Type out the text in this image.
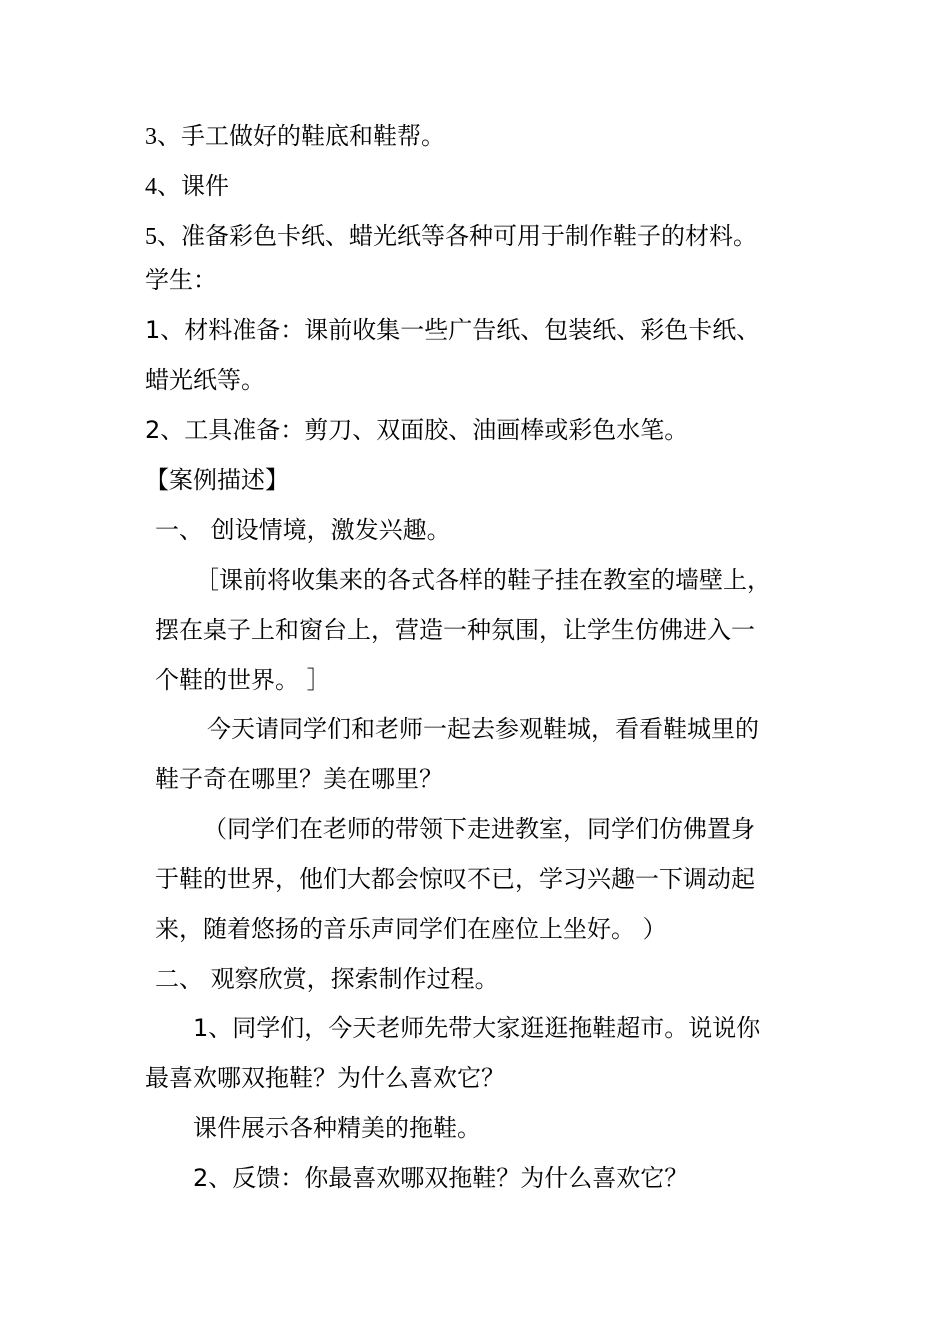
3、手工做好的鞋底和鞋帮。
4、课件
5、准备彩色卡纸、蜡光纸等各种可用于制作鞋子的材料。
学生：
1、材料准备：课前收集一些广告纸、包装纸、彩色卡纸、
蜡光纸等。
2、工具准备：剪刀、双面胶、油画棒或彩色水笔。
【案例描述】
一、 创设情境，激发兴趣。
［课前将收集来的各式各样的鞋子挂在教室的墙壁上，
摆在桌子上和窗台上，营造一种氛围，让学生仿佛进入一
个鞋的世界。 ］
今天请同学们和老师一起去参观鞋城，看看鞋城里的
鞋子奇在哪里？美在哪里？
（同学们在老师的带领下走进教室，同学们仿佛置身
于鞋的世界，他们大都会惊叹不已，学习兴趣一下调动起
来，随着悠扬的音乐声同学们在座位上坐好。 ）
二、 观察欣赏，探索制作过程。
1、同学们，今天老师先带大家逛逛拖鞋超市。说说你
最喜欢哪双拖鞋？为什么喜欢它？
课件展示各种精美的拖鞋。
2、反馈：你最喜欢哪双拖鞋？为什么喜欢它？
